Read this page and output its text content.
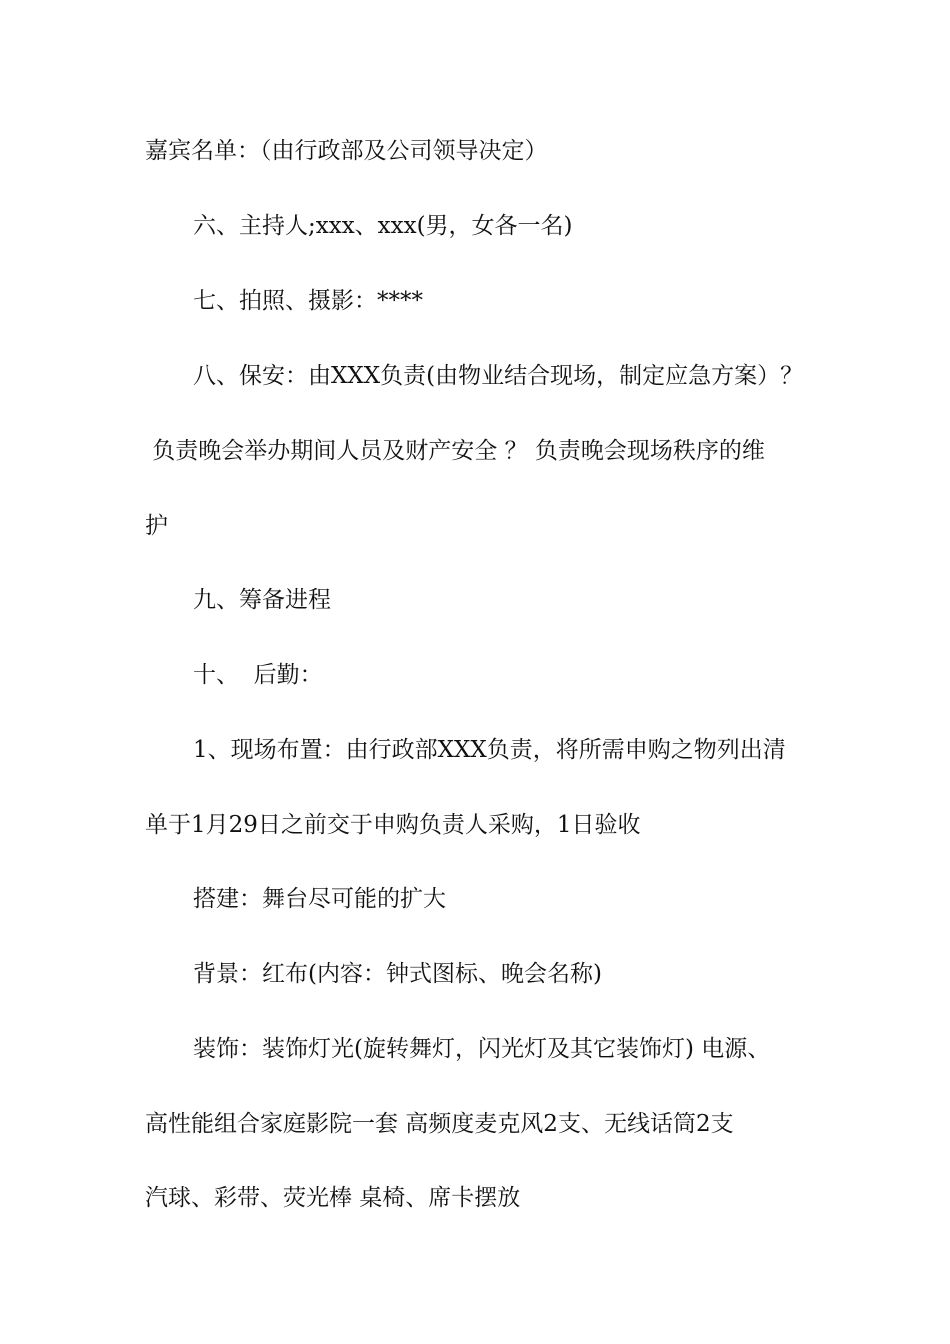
嘉宾名单：（由行政部及公司领导决定）
六、主持人;xxx、xxx(男，女各一名)
七、拍照、摄影：****
八、保安：由XXX负责(由物业结合现场，制定应急方案）？
负责晚会举办期间人员及财产安全 ？ 负责晚会现场秩序的维
护
九、筹备进程
十、  后勤：
1、现场布置：由行政部XXX负责，将所需申购之物列出清
单于1月29日之前交于申购负责人采购，1日验收
搭建：舞台尽可能的扩大
背景：红布(内容：钟式图标、晚会名称)
装饰：装饰灯光(旋转舞灯，闪光灯及其它装饰灯) 电源、
高性能组合家庭影院一套 高频度麦克风2支、无线话筒2支
汽球、彩带、荧光棒 桌椅、席卡摆放
